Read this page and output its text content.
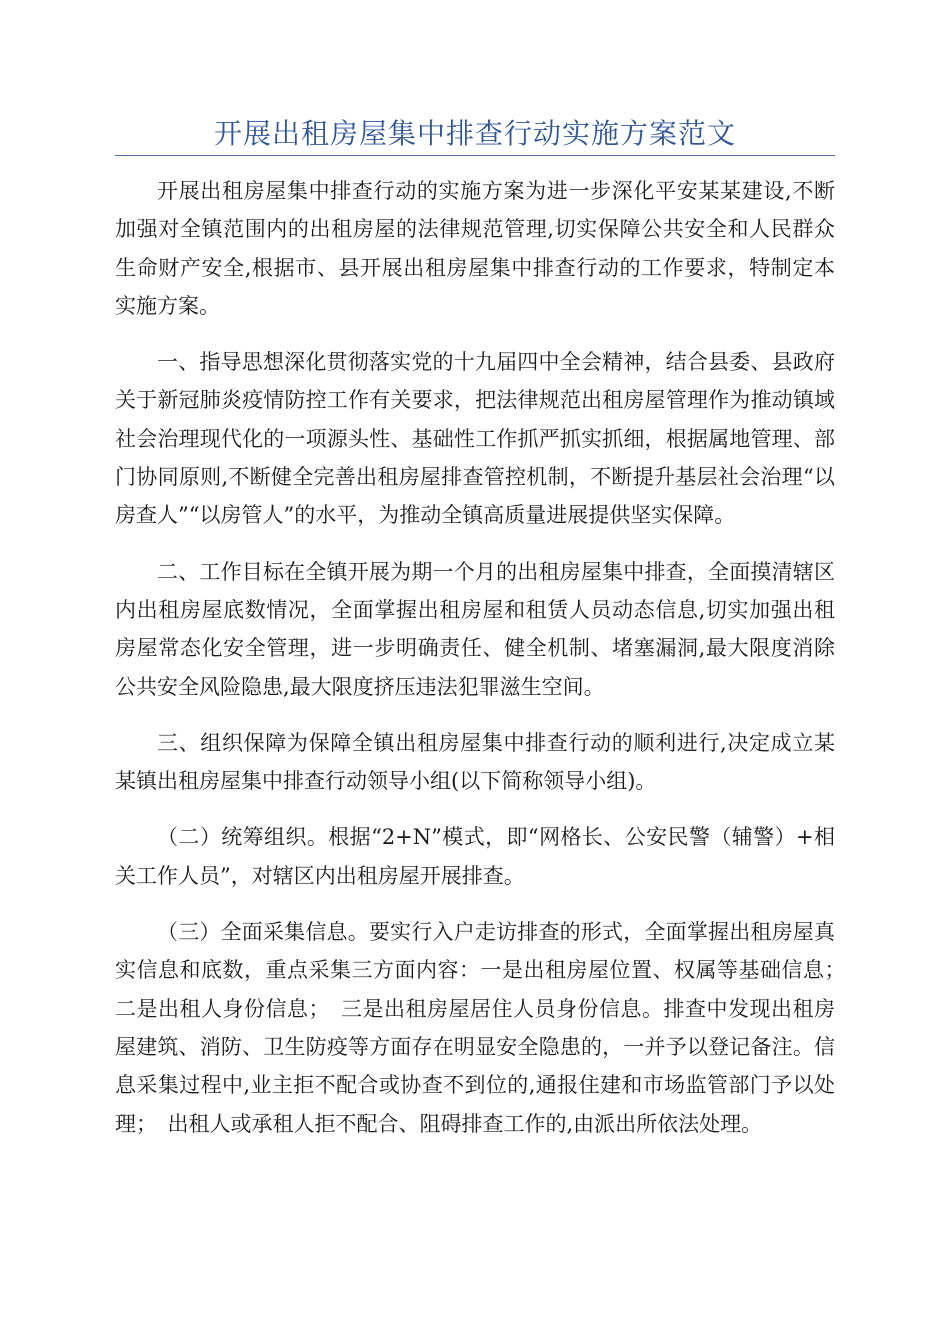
开展出租房屋集中排查行动实施方案范文

开展出租房屋集中排查行动的实施方案为进一步深化平安某某建设,不断加强对全镇范围内的出租房屋的法律规范管理,切实保障公共安全和人民群众生命财产安全,根据市、县开展出租房屋集中排查行动的工作要求，特制定本实施方案。

一、指导思想深化贯彻落实党的十九届四中全会精神，结合县委、县政府关于新冠肺炎疫情防控工作有关要求，把法律规范出租房屋管理作为推动镇域社会治理现代化的一项源头性、基础性工作抓严抓实抓细，根据属地管理、部门协同原则,不断健全完善出租房屋排查管控机制，不断提升基层社会治理“以房查人”“以房管人”的水平，为推动全镇高质量进展提供坚实保障。

二、工作目标在全镇开展为期一个月的出租房屋集中排查，全面摸清辖区内出租房屋底数情况，全面掌握出租房屋和租赁人员动态信息,切实加强出租房屋常态化安全管理，进一步明确责任、健全机制、堵塞漏洞,最大限度消除公共安全风险隐患,最大限度挤压违法犯罪滋生空间。

三、组织保障为保障全镇出租房屋集中排查行动的顺利进行,决定成立某某镇出租房屋集中排查行动领导小组(以下简称领导小组)。

（二）统筹组织。根据“2+N”模式，即“网格长、公安民警（辅警）+相关工作人员”，对辖区内出租房屋开展排查。

（三）全面采集信息。要实行入户走访排查的形式，全面掌握出租房屋真实信息和底数，重点采集三方面内容：一是出租房屋位置、权属等基础信息；　二是出租人身份信息；　三是出租房屋居住人员身份信息。排查中发现出租房屋建筑、消防、卫生防疫等方面存在明显安全隐患的，一并予以登记备注。信息采集过程中,业主拒不配合或协查不到位的,通报住建和市场监管部门予以处理；　出租人或承租人拒不配合、阻碍排查工作的,由派出所依法处理。
